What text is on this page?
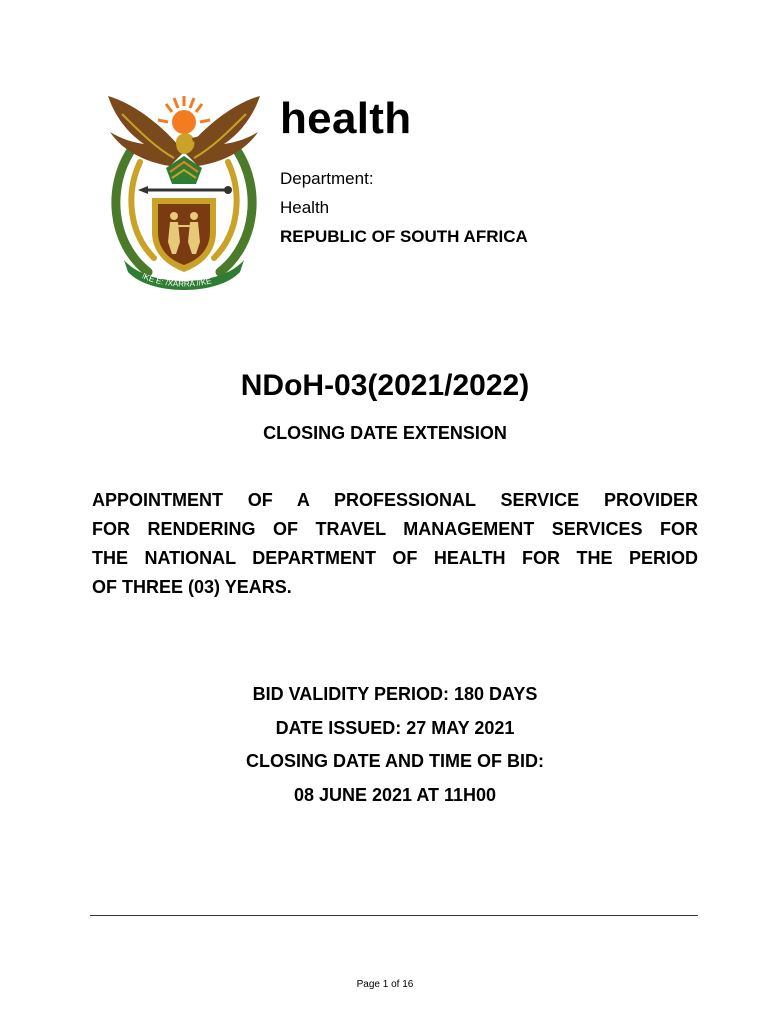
!KE E: /XARRA //KE
health
Department:
Health
REPUBLIC OF SOUTH AFRICA
NDoH-03(2021/2022)
CLOSING DATE EXTENSION
APPOINTMENT OF A PROFESSIONAL SERVICE PROVIDER
FOR RENDERING OF TRAVEL MANAGEMENT SERVICES FOR
THE NATIONAL DEPARTMENT OF HEALTH FOR THE PERIOD
OF THREE (03) YEARS.
BID VALIDITY PERIOD: 180 DAYS
DATE ISSUED: 27 MAY 2021
CLOSING DATE AND TIME OF BID:
08 JUNE 2021 AT 11H00
Page 1 of 16
